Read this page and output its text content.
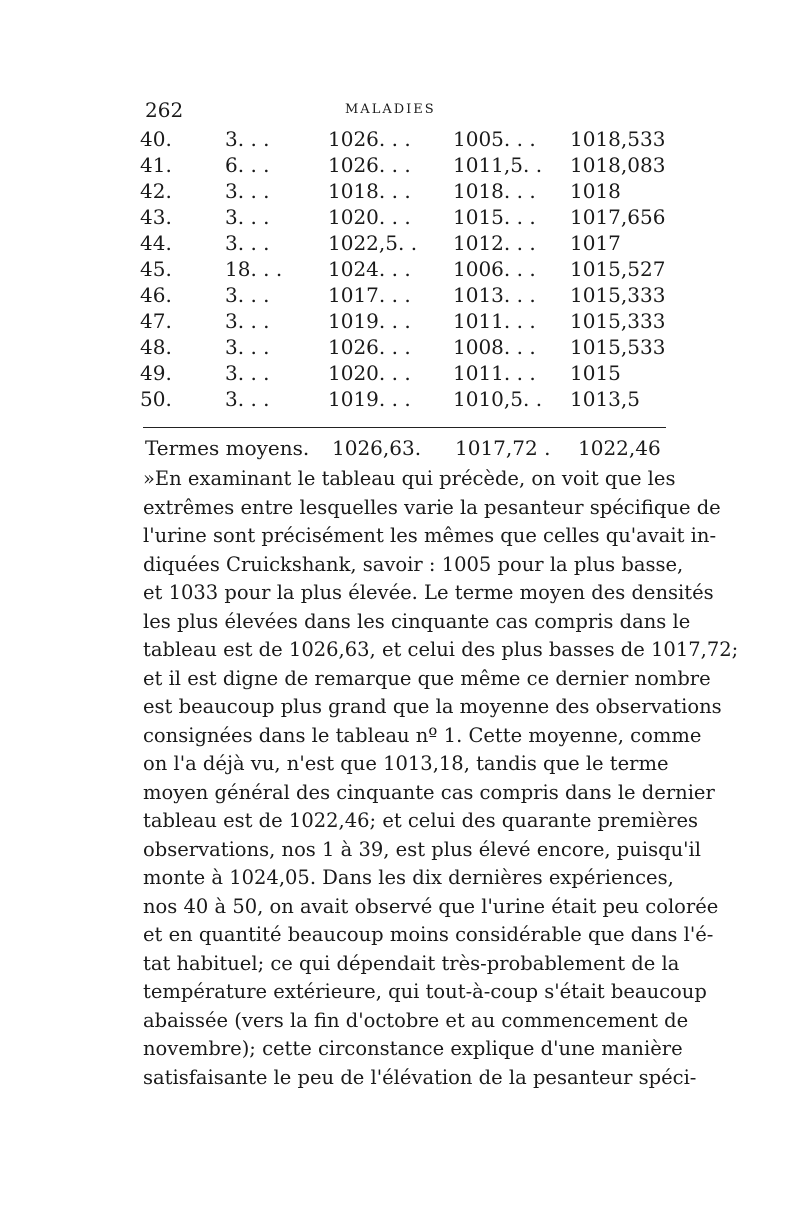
262	MALADIES
40.	3. . .	1026. . . 1005. . . 1018,533
41.	6. . .	1026. . . 1011,5. . 1018,083
42.	3. . .	1018. . . 1018. . . 1018
43.	3. . .	1020. . . 1015. . . 1017,656
44.	3. . .	1022,5. . 1012. . . 1017
45.	18. . . 1024. . . 1006. . . 1015,527
46.	3. . .	1017. . . 1013. . . 1015,333
47.	3. . .	1019. . . 1011. . . 1015,333
48.	3. . .	1026. . . 1008. . . 1015,533
49.	3. . .	1020. . . 1011. . . 1015
50.	3. . .	1019. . . 1010,5. . 1013,5
Termes moyens. 1026,63. 1017,72 . 1022,46
»En examinant le tableau qui précède, on voit que les
extrêmes entre lesquelles varie la pesanteur spécifique de
l'urine sont précisément les mêmes que celles qu'avait in-
diquées Cruickshank, savoir : 1005 pour la plus basse,
et 1033 pour la plus élevée. Le terme moyen des densités
les plus élevées dans les cinquante cas compris dans le
tableau est de 1026,63, et celui des plus basses de 1017,72;
et il est digne de remarque que même ce dernier nombre
est beaucoup plus grand que la moyenne des observations
consignées dans le tableau nº 1. Cette moyenne, comme
on l'a déjà vu, n'est que 1013,18, tandis que le terme
moyen général des cinquante cas compris dans le dernier
tableau est de 1022,46; et celui des quarante premières
observations, nos 1 à 39, est plus élevé encore, puisqu'il
monte à 1024,05. Dans les dix dernières expériences,
nos 40 à 50, on avait observé que l'urine était peu colorée
et en quantité beaucoup moins considérable que dans l'é-
tat habituel; ce qui dépendait très-probablement de la
température extérieure, qui tout-à-coup s'était beaucoup
abaissée (vers la fin d'octobre et au commencement de
novembre); cette circonstance explique d'une manière
satisfaisante le peu de l'élévation de la pesanteur spéci-
